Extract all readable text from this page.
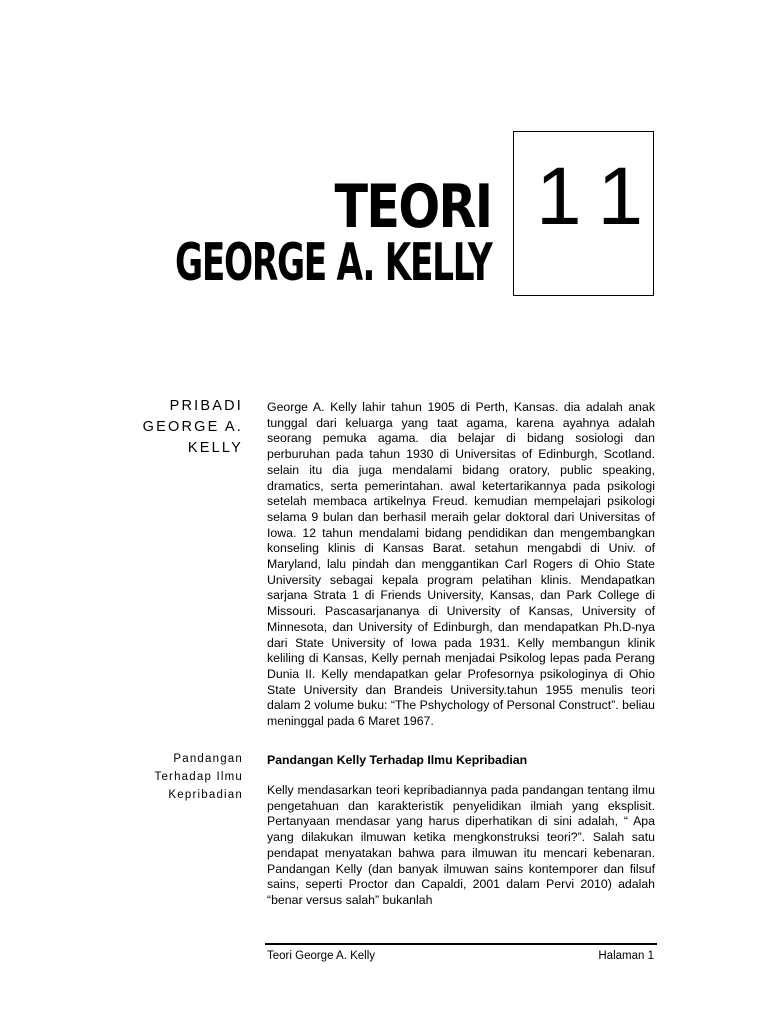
TEORI
GEORGE A. KELLY
11
PRIBADI
GEORGE A.
KELLY

George A. Kelly lahir tahun 1905 di Perth, Kansas. dia adalah anak tunggal dari keluarga yang taat agama, karena ayahnya adalah seorang pemuka agama. dia belajar di bidang sosiologi dan perburuhan pada tahun 1930 di Universitas of Edinburgh, Scotland. selain itu dia juga mendalami bidang oratory, public speaking, dramatics, serta pemerintahan. awal ketertarikannya pada psikologi setelah membaca artikelnya Freud. kemudian mempelajari psikologi selama 9 bulan dan berhasil meraih gelar doktoral dari Universitas of Iowa. 12 tahun mendalami bidang pendidikan dan mengembangkan konseling klinis di Kansas Barat. setahun mengabdi di Univ. of Maryland, lalu pindah dan menggantikan Carl Rogers di Ohio State University sebagai kepala program pelatihan klinis. Mendapatkan sarjana Strata 1 di Friends University, Kansas, dan Park College di Missouri. Pascasarjananya di University of Kansas, University of Minnesota, dan University of Edinburgh, dan mendapatkan Ph.D-nya dari State University of Iowa pada 1931. Kelly membangun klinik keliling di Kansas, Kelly pernah menjadai Psikolog lepas pada Perang Dunia II. Kelly mendapatkan gelar Profesornya psikologinya di Ohio State University dan Brandeis University.tahun 1955 menulis teori dalam 2 volume buku: “The Pshychology of Personal Construct”. beliau meninggal pada 6 Maret 1967.

Pandangan
Terhadap Ilmu
Kepribadian
Pandangan Kelly Terhadap Ilmu Kepribadian

Kelly mendasarkan teori kepribadiannya pada pandangan tentang ilmu pengetahuan dan karakteristik penyelidikan ilmiah yang eksplisit. Pertanyaan mendasar yang harus diperhatikan di sini adalah, “ Apa yang dilakukan ilmuwan ketika mengkonstruksi teori?”. Salah satu pendapat menyatakan bahwa para ilmuwan itu mencari kebenaran. Pandangan Kelly (dan banyak ilmuwan sains kontemporer dan filsuf sains, seperti Proctor dan Capaldi, 2001 dalam Pervi 2010) adalah “benar versus salah” bukanlah

Teori George A. Kelly	Halaman 1
